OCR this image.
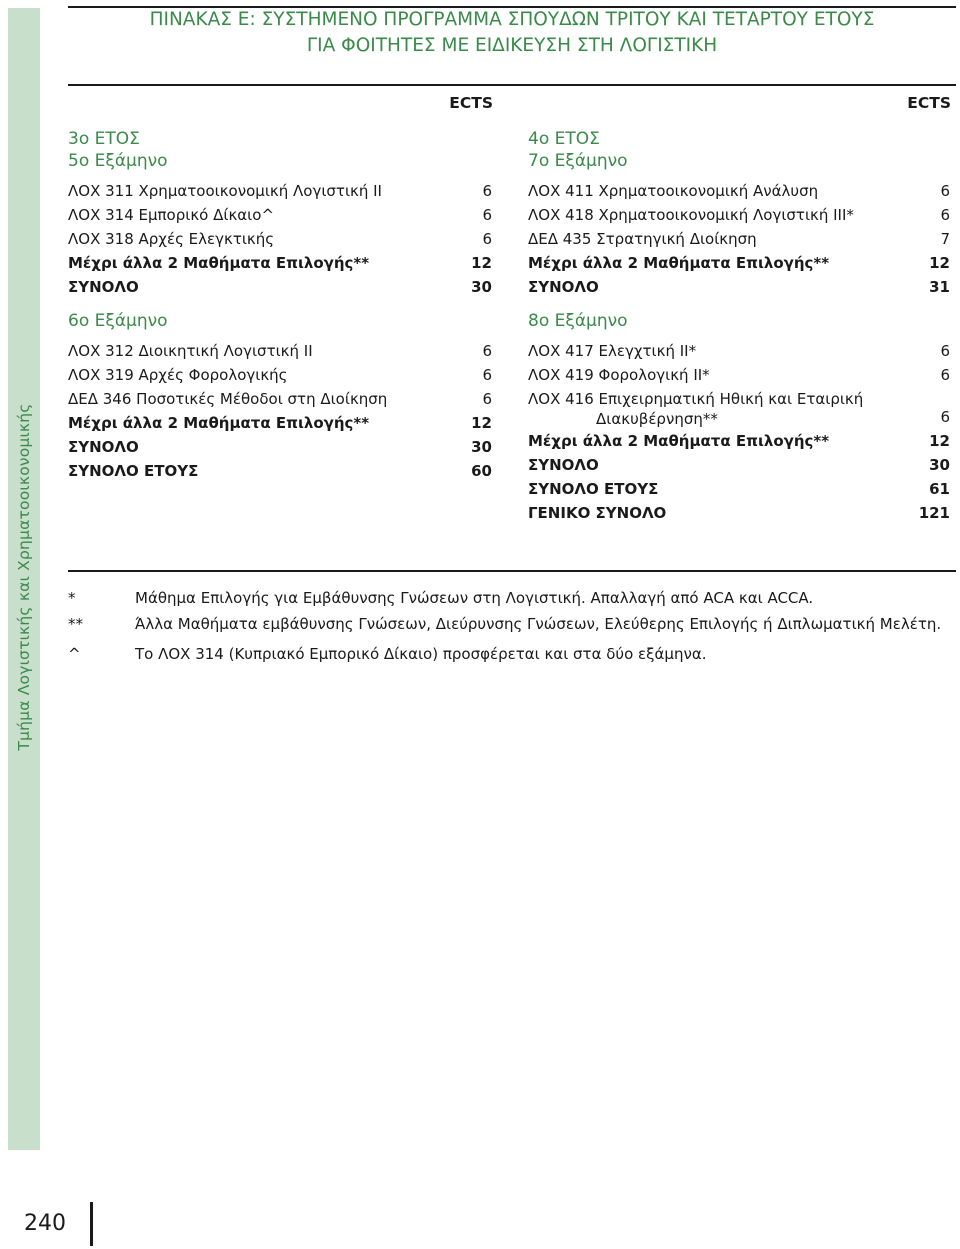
Τμήμα Λογιστικής και Χρηματοοικονομικής
ΠΙΝΑΚΑΣ Ε: ΣΥΣΤΗΜΕΝΟ ΠΡΟΓΡΑΜΜΑ ΣΠΟΥΔΩΝ ΤΡΙΤΟΥ ΚΑΙ ΤΕΤΑΡΤΟΥ ΕΤΟΥΣ
ΓΙΑ ΦΟΙΤΗΤΕΣ ΜΕ ΕΙΔΙΚΕΥΣΗ ΣΤΗ ΛΟΓΙΣΤΙΚΗ
ECTS	ECTS
3ο ΕΤΟΣ
5ο Εξάμηνο
ΛΟΧ 311 Χρηματοοικονομική Λογιστική ΙΙ	6
ΛΟΧ 314 Εμπορικό Δίκαιο^	6
ΛΟΧ 318 Αρχές Ελεγκτικής	6
Μέχρι άλλα 2 Μαθήματα Επιλογής**	12
ΣΥΝΟΛΟ	30
6ο Εξάμηνο
ΛΟΧ 312 Διοικητική Λογιστική ΙΙ	6
ΛΟΧ 319 Αρχές Φορολογικής	6
ΔΕΔ 346 Ποσοτικές Μέθοδοι στη Διοίκηση	6
Μέχρι άλλα 2 Μαθήματα Επιλογής**	12
ΣΥΝΟΛΟ	30
ΣΥΝΟΛΟ ΕΤΟΥΣ	60
4ο ΕΤΟΣ
7ο Εξάμηνο
ΛΟΧ 411 Χρηματοοικονομική Ανάλυση	6
ΛΟΧ 418 Χρηματοοικονομική Λογιστική ΙΙΙ*	6
ΔΕΔ 435 Στρατηγική Διοίκηση	7
Μέχρι άλλα 2 Μαθήματα Επιλογής**	12
ΣΥΝΟΛΟ	31
8ο Εξάμηνο
ΛΟΧ 417 Ελεγχτική ΙΙ*	6
ΛΟΧ 419 Φορολογική ΙΙ*	6
ΛΟΧ 416 Επιχειρηματική Ηθική και Εταιρική
Διακυβέρνηση**	6
Μέχρι άλλα 2 Μαθήματα Επιλογής**	12
ΣΥΝΟΛΟ	30
ΣΥΝΟΛΟ ΕΤΟΥΣ	61
ΓΕΝΙΚΟ ΣΥΝΟΛΟ	121
*	Μάθημα Επιλογής για Εμβάθυνσης Γνώσεων στη Λογιστική. Απαλλαγή από ACA και ACCA.
**	Άλλα Μαθήματα εμβάθυνσης Γνώσεων, Διεύρυνσης Γνώσεων, Ελεύθερης Επιλογής ή Διπλωματική Μελέτη.
^	Το ΛΟΧ 314 (Κυπριακό Εμπορικό Δίκαιο) προσφέρεται και στα δύο εξάμηνα.
240
